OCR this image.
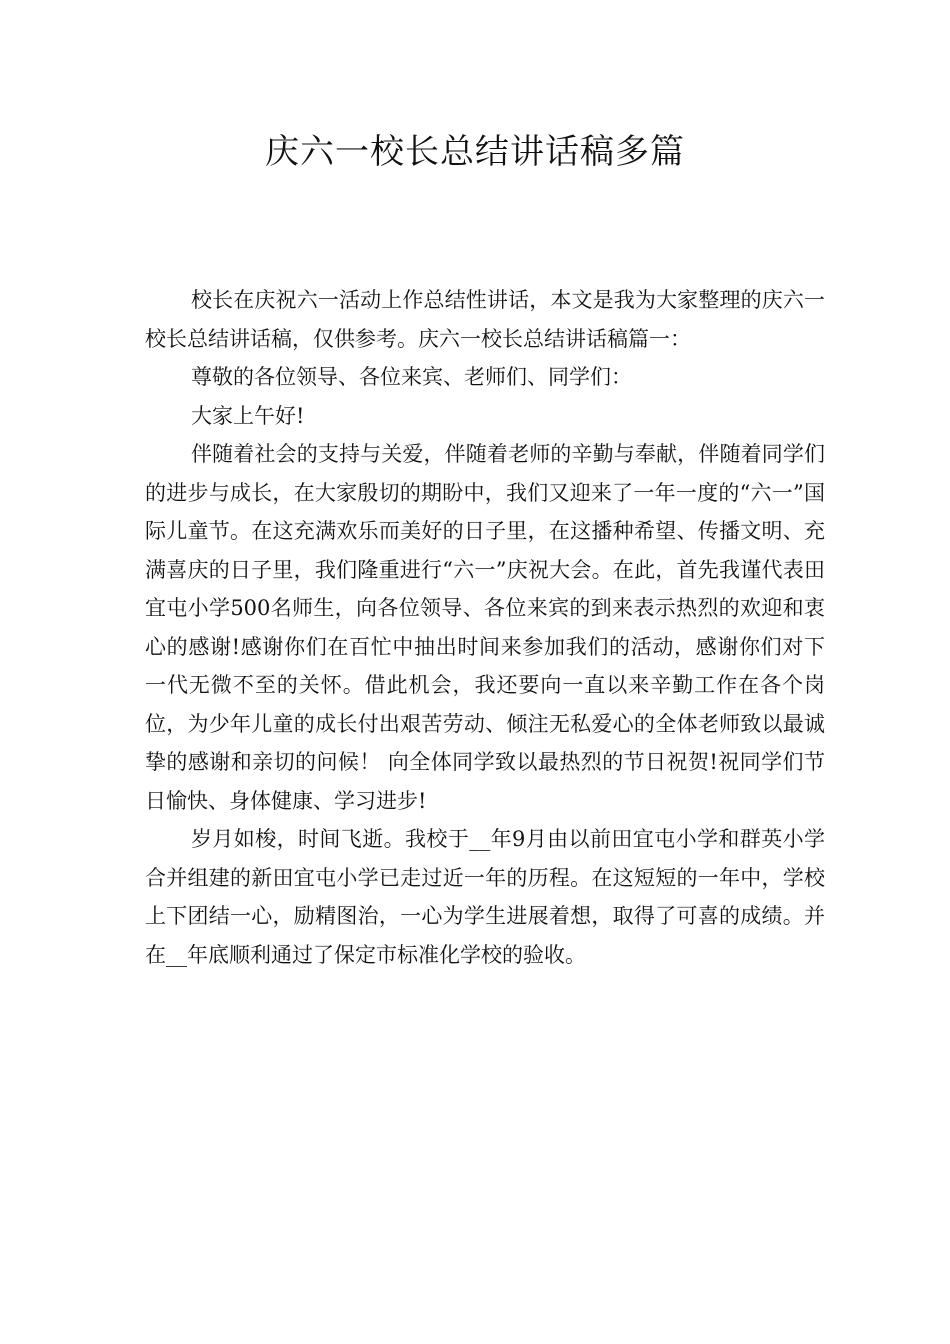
庆六一校长总结讲话稿多篇

校长在庆祝六一活动上作总结性讲话，本文是我为大家整理的庆六一校长总结讲话稿，仅供参考。庆六一校长总结讲话稿篇一：

尊敬的各位领导、各位来宾、老师们、同学们：

大家上午好!

伴随着社会的支持与关爱，伴随着老师的辛勤与奉献，伴随着同学们的进步与成长，在大家殷切的期盼中，我们又迎来了一年一度的“六一”国际儿童节。在这充满欢乐而美好的日子里，在这播种希望、传播文明、充满喜庆的日子里，我们隆重进行“六一”庆祝大会。在此，首先我谨代表田宜屯小学500名师生，向各位领导、各位来宾的到来表示热烈的欢迎和衷心的感谢!感谢你们在百忙中抽出时间来参加我们的活动，感谢你们对下一代无微不至的关怀。借此机会，我还要向一直以来辛勤工作在各个岗位，为少年儿童的成长付出艰苦劳动、倾注无私爱心的全体老师致以最诚挚的感谢和亲切的问候！ 向全体同学致以最热烈的节日祝贺!祝同学们节日愉快、身体健康、学习进步!

岁月如梭，时间飞逝。我校于__年9月由以前田宜屯小学和群英小学合并组建的新田宜屯小学已走过近一年的历程。在这短短的一年中，学校上下团结一心，励精图治，一心为学生进展着想，取得了可喜的成绩。并在__年底顺利通过了保定市标准化学校的验收。
